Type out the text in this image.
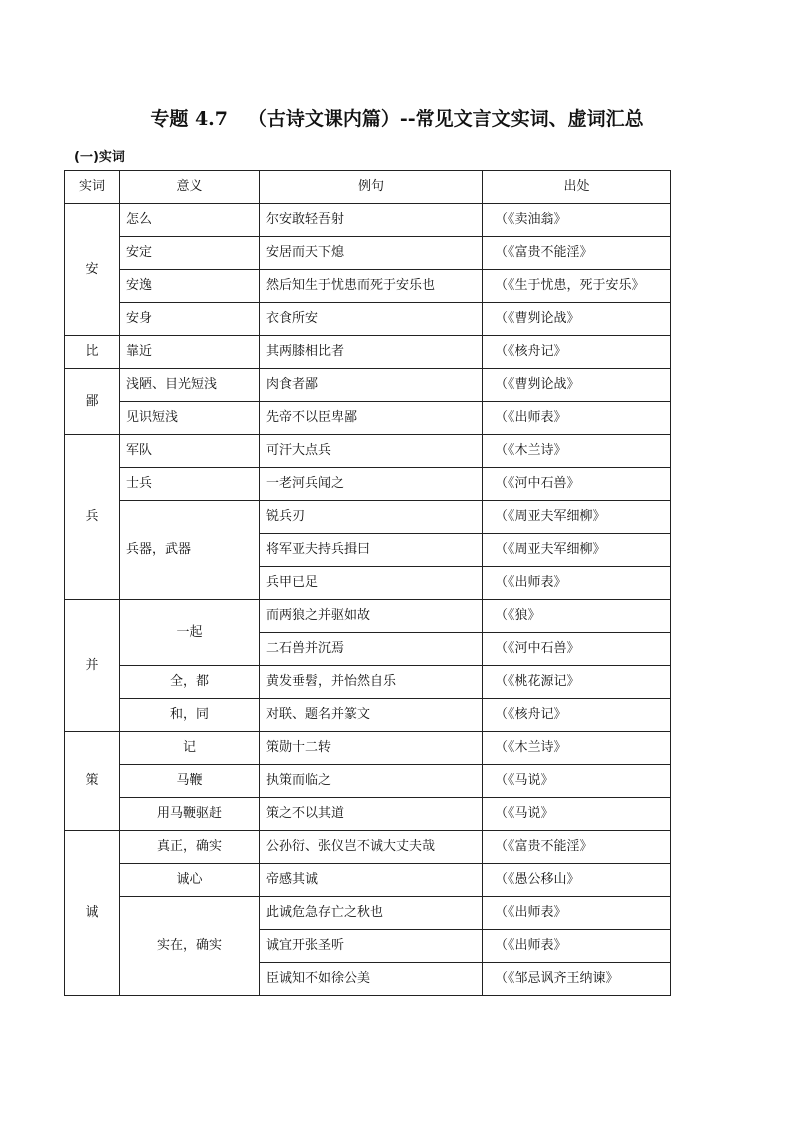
专题 4.7   （古诗文课内篇）--常见文言文实词、虚词汇总
(一)实词
实词	意义	例句	出处
安	怎么	尔安敢轻吾射	（《卖油翁》
	安定	安居而天下熄	（《富贵不能淫》
	安逸	然后知生于忧患而死于安乐也	（《生于忧患，死于安乐》
	安身	衣食所安	（《曹刿论战》
比	靠近	其两膝相比者	（《核舟记》
鄙	浅陋、目光短浅	肉食者鄙	（《曹刿论战》
	见识短浅	先帝不以臣卑鄙	（《出师表》
兵	军队	可汗大点兵	（《木兰诗》
	士兵	一老河兵闻之	（《河中石兽》
	兵器，武器	锐兵刃	（《周亚夫军细柳》
		将军亚夫持兵揖曰	（《周亚夫军细柳》
		兵甲已足	（《出师表》
并	一起	而两狼之并驱如故	（《狼》
		二石兽并沉焉	（《河中石兽》
	全，都	黄发垂髫，并怡然自乐	（《桃花源记》
	和，同	对联、题名并篆文	（《核舟记》
策	记	策勋十二转	（《木兰诗》
	马鞭	执策而临之	（《马说》
	用马鞭驱赶	策之不以其道	（《马说》
诚	真正，确实	公孙衍、张仪岂不诚大丈夫哉	（《富贵不能淫》
	诚心	帝感其诚	（《愚公移山》
	实在，确实	此诚危急存亡之秋也	（《出师表》
		诚宜开张圣听	（《出师表》
		臣诚知不如徐公美	（《邹忌讽齐王纳谏》
